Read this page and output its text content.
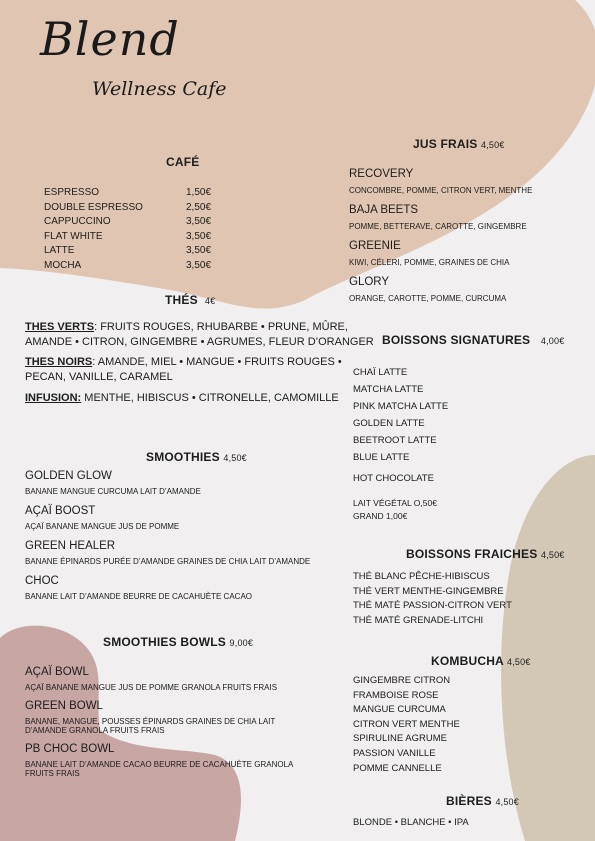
Blend
Wellness Cafe
CAFÉ
ESPRESSO	1,50€
DOUBLE ESPRESSO	2,50€
CAPPUCCINO	3,50€
FLAT WHITE	3,50€
LATTE	3,50€
MOCHA	3,50€
THÉS 4€
THES VERTS: FRUITS ROUGES, RHUBARBE • PRUNE, MÛRE,
AMANDE • CITRON, GINGEMBRE • AGRUMES, FLEUR D’ORANGER
THES NOIRS: AMANDE, MIEL • MANGUE • FRUITS ROUGES •
PECAN, VANILLE, CARAMEL
INFUSION: MENTHE, HIBISCUS • CITRONELLE, CAMOMILLE
SMOOTHIES 4,50€
GOLDEN GLOW
BANANE MANGUE CURCUMA LAIT D’AMANDE
AÇAÏ BOOST
AÇAÏ BANANE MANGUE JUS DE POMME
GREEN HEALER
BANANE ÉPINARDS PURÉE D’AMANDE GRAINES DE CHIA LAIT D’AMANDE
CHOC
BANANE LAIT D’AMANDE BEURRE DE CACAHUÈTE CACAO
SMOOTHIES BOWLS 9,00€
AÇAÏ BOWL
AÇAÏ BANANE MANGUE JUS DE POMME GRANOLA FRUITS FRAIS
GREEN BOWL
BANANE, MANGUE, POUSSES ÉPINARDS GRAINES DE CHIA LAIT
D’AMANDE GRANOLA FRUITS FRAIS
PB CHOC BOWL
BANANE LAIT D’AMANDE CACAO BEURRE DE CACAHUÈTE GRANOLA
FRUITS FRAIS
JUS FRAIS 4,50€
RECOVERY
CONCOMBRE, POMME, CITRON VERT, MENTHE
BAJA BEETS
POMME, BETTERAVE, CAROTTE, GINGEMBRE
GREENIE
KIWI, CÉLERI, POMME, GRAINES DE CHIA
GLORY
ORANGE, CAROTTE, POMME, CURCUMA
BOISSONS SIGNATURES 4,00€
CHAÏ LATTE
MATCHA LATTE
PINK MATCHA LATTE
GOLDEN LATTE
BEETROOT LATTE
BLUE LATTE
HOT CHOCOLATE
LAIT VÉGÉTAL O,50€
GRAND 1,00€
BOISSONS FRAICHES 4,50€
THÉ BLANC PÊCHE-HIBISCUS
THÉ VERT MENTHE-GINGEMBRE
THÉ MATÉ PASSION-CITRON VERT
THÉ MATÉ GRENADE-LITCHI
KOMBUCHA 4,50€
GINGEMBRE CITRON
FRAMBOISE ROSE
MANGUE CURCUMA
CITRON VERT MENTHE
SPIRULINE AGRUME
PASSION VANILLE
POMME CANNELLE
BIÈRES 4,50€
BLONDE • BLANCHE • IPA
